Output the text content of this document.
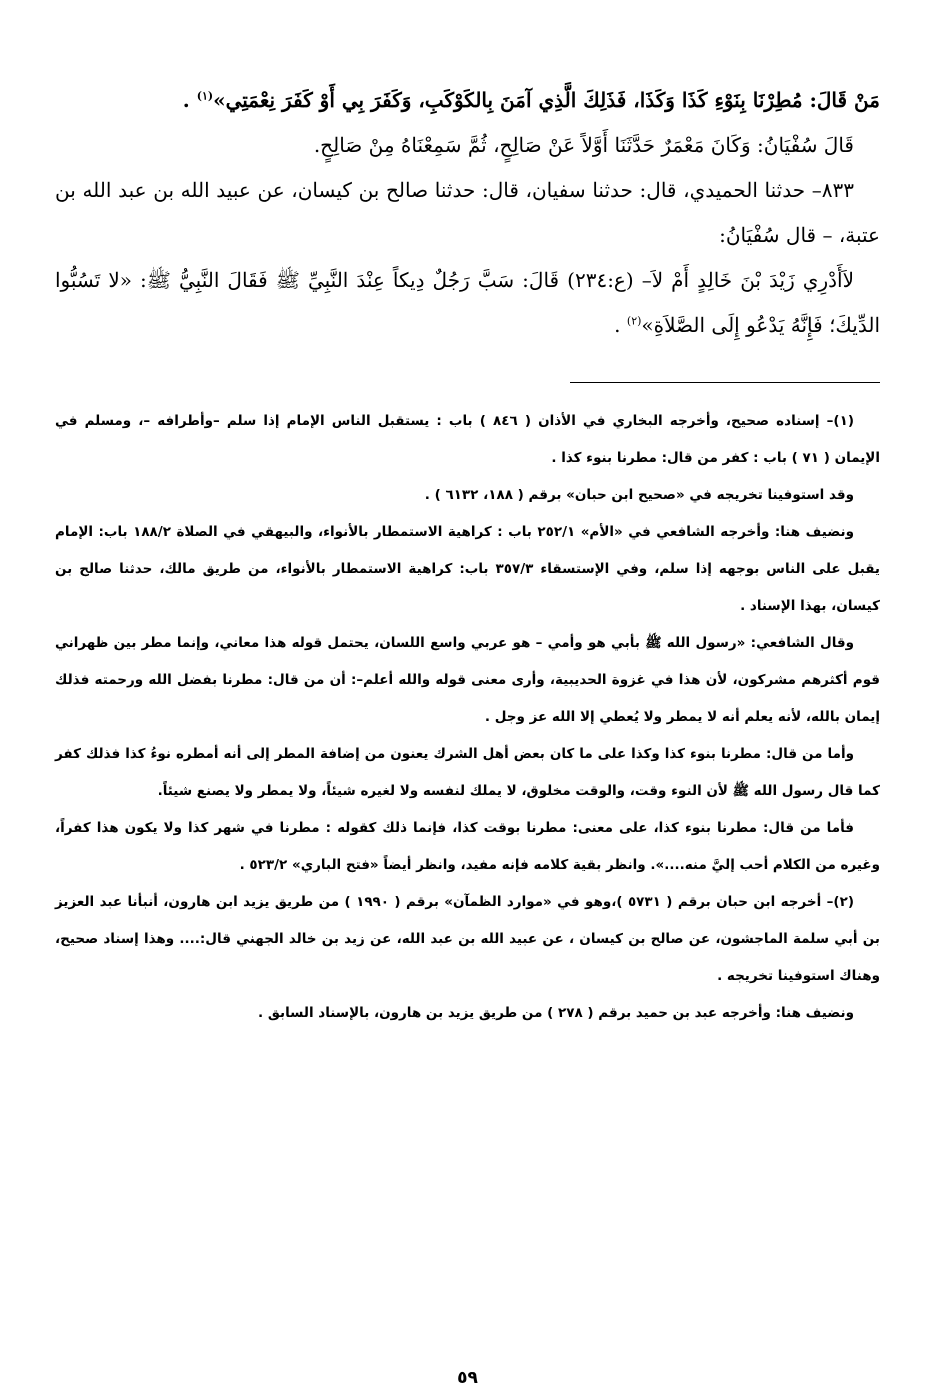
مَنْ قَالَ: مُطِرْنَا بِنَوْءِ كَذَا وَكَذَا، فَذَلِكَ الَّذِي آمَنَ بِالكَوْكَبِ، وَكَفَرَ بِي أَوْ كَفَرَ نِعْمَتِي»$^{(١)}$ .

قَالَ سُفْيَانُ: وَكَانَ مَعْمَرٌ حَدَّثَنَا أَوَّلاً عَنْ صَالِحٍ، ثُمَّ سَمِعْنَاهُ مِنْ صَالِحٍ.

٨٣٣– حدثنا الحميدي، قال: حدثنا سفيان، قال: حدثنا صالح بن كيسان، عن عبيد الله بن عبد الله بن عتبة، – قال سُفْيَانُ:

لاَأَدْرِي زَيْدَ بْنَ خَالِدٍ أَمْ لاَ– (ع:٢٣٤) قَالَ: سَبَّ رَجُلٌ دِيكاً عِنْدَ النَّبِيِّ ﷺ فَقَالَ النَّبِيُّ ﷺ: «لا تَسُبُّوا الدِّيكَ؛ فَإِنَّهُ يَدْعُو إِلَى الصَّلاَةِ»$^{(٢)}$ .

(١)– إسناده صحيح، وأخرجه البخاري في الأذان ( ٨٤٦ ) باب : يستقبل الناس الإمام إذا سلم –وأطرافه –، ومسلم في الإيمان ( ٧١ ) باب : كفر من قال: مطرنا بنوء كذا .

وقد استوفينا تخريجه في «صحيح ابن حبان» برقم ( ١٨٨، ٦١٣٢ ) .

ونضيف هنا: وأخرجه الشافعي في «الأم» ٢٥٢/١ باب : كراهية الاستمطار بالأنواء، والبيهقي في الصلاة ١٨٨/٢ باب: الإمام يقبل على الناس بوجهه إذا سلم، وفي الإستسقاء ٣٥٧/٣ باب: كراهية الاستمطار بالأنواء، من طريق مالك، حدثنا صالح بن كيسان، بهذا الإسناد .

وقال الشافعي: «رسول الله ﷺ بأبي هو وأمي – هو عربي واسع اللسان، يحتمل قوله هذا معاني، وإنما مطر بين ظهراني قوم أكثرهم مشركون، لأن هذا في غزوة الحديبية، وأرى معنى قوله والله أعلم–: أن من قال: مطرنا بفضل الله ورحمته فذلك إيمان بالله، لأنه يعلم أنه لا يمطر ولا يُعطي إلا الله عز وجل .

وأما من قال: مطرنا بنوء كذا وكذا على ما كان بعض أهل الشرك يعنون من إضافة المطر إلى أنه أمطره نوءُ كذا فذلك كفر كما قال رسول الله ﷺ لأن النوء وقت، والوقت مخلوق، لا يملك لنفسه ولا لغيره شيئاً، ولا يمطر ولا يصنع شيئاً.

فأما من قال: مطرنا بنوء كذا، على معنى: مطرنا بوقت كذا، فإنما ذلك كقوله : مطرنا في شهر كذا ولا يكون هذا كفراً، وغيره من الكلام أحب إليَّ منه....». وانظر بقية كلامه فإنه مفيد، وانظر أيضاً «فتح الباري» ٥٢٣/٢ .

(٢)– أخرجه ابن حبان برقم ( ٥٧٣١ )،وهو في «موارد الظمآن» برقم ( ١٩٩٠ ) من طريق يزيد ابن هارون، أنبأنا عبد العزيز بن أبي سلمة الماجشون، عن صالح بن كيسان ، عن عبيد الله بن عبد الله، عن زيد بن خالد الجهني قال:.... وهذا إسناد صحيح، وهناك استوفينا تخريجه .

ونضيف هنا: وأخرجه عبد بن حميد برقم ( ٢٧٨ ) من طريق يزيد بن هارون، بالإسناد السابق .

٥٩
